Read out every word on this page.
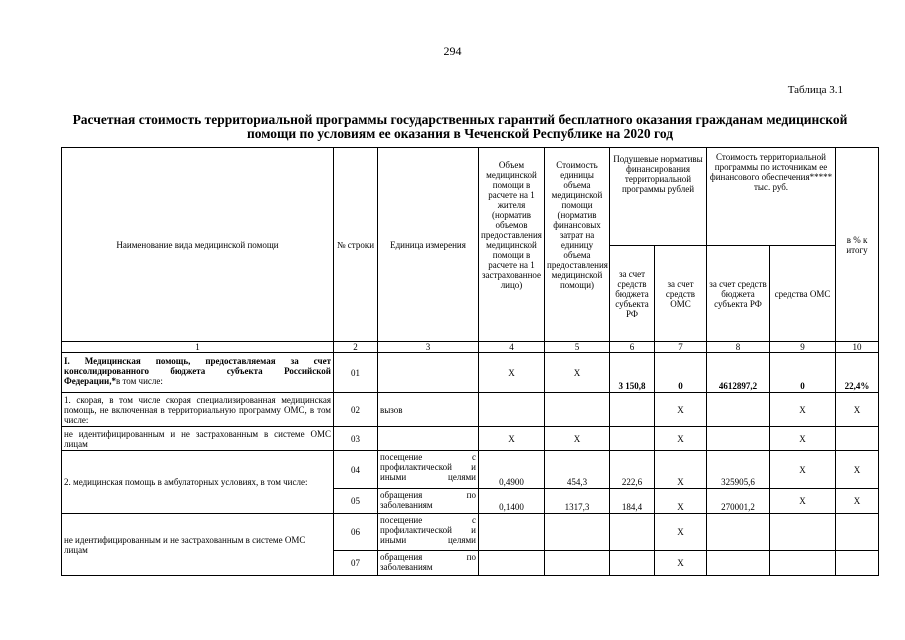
294
Таблица 3.1
Расчетная стоимость территориальной программы государственных гарантий бесплатного оказания гражданам медицинской помощи по условиям ее оказания в Чеченской Республике на 2020 год
Наименование вида медицинской помощи	№ строки	Единица измерения	Объем медицинской помощи в расчете на 1 жителя (норматив объемов предоставления медицинской помощи в расчете на 1 застрахованное лицо)	Стоимость единицы объема медицинской помощи (норматив финансовых затрат на единицу объема предоставления медицинской помощи)	Подушевые нормативы финансирования территориальной программы рублей		Стоимость территориальной программы по источникам ее финансового обеспечения***** тыс. руб.		в % к итогу
					за счет средств бюджета субъекта РФ	за счет средств ОМС	за счет средств бюджета субъекта РФ	средства ОМС	
1	2	3	4	5	6	7	8	9	10
I. Медицинская помощь, предоставляемая за счет консолидированного бюджета субъекта Российской Федерации,*в том числе:	01		X	X	3 150,8	0	4612897,2	0	22,4%
1. скорая, в том числе скорая специализированная медицинская помощь, не включенная в территориальную программу ОМС, в том числе:	02	вызов				X		X	X
не идентифицированным и не застрахованным в системе ОМС лицам	03		X	X		X		X	
2. медицинская помощь в амбулаторных условиях, в том числе:	04	посещение с профилактической и иными целями	0,4900	454,3	222,6	X	325905,6	X	X
	05	обращения по заболеваниям	0,1400	1317,3	184,4	X	270001,2	X	X
не идентифицированным и не застрахованным в системе ОМС лицам	06	посещение с профилактической и иными целями				X			
	07	обращения по заболеваниям				X			
